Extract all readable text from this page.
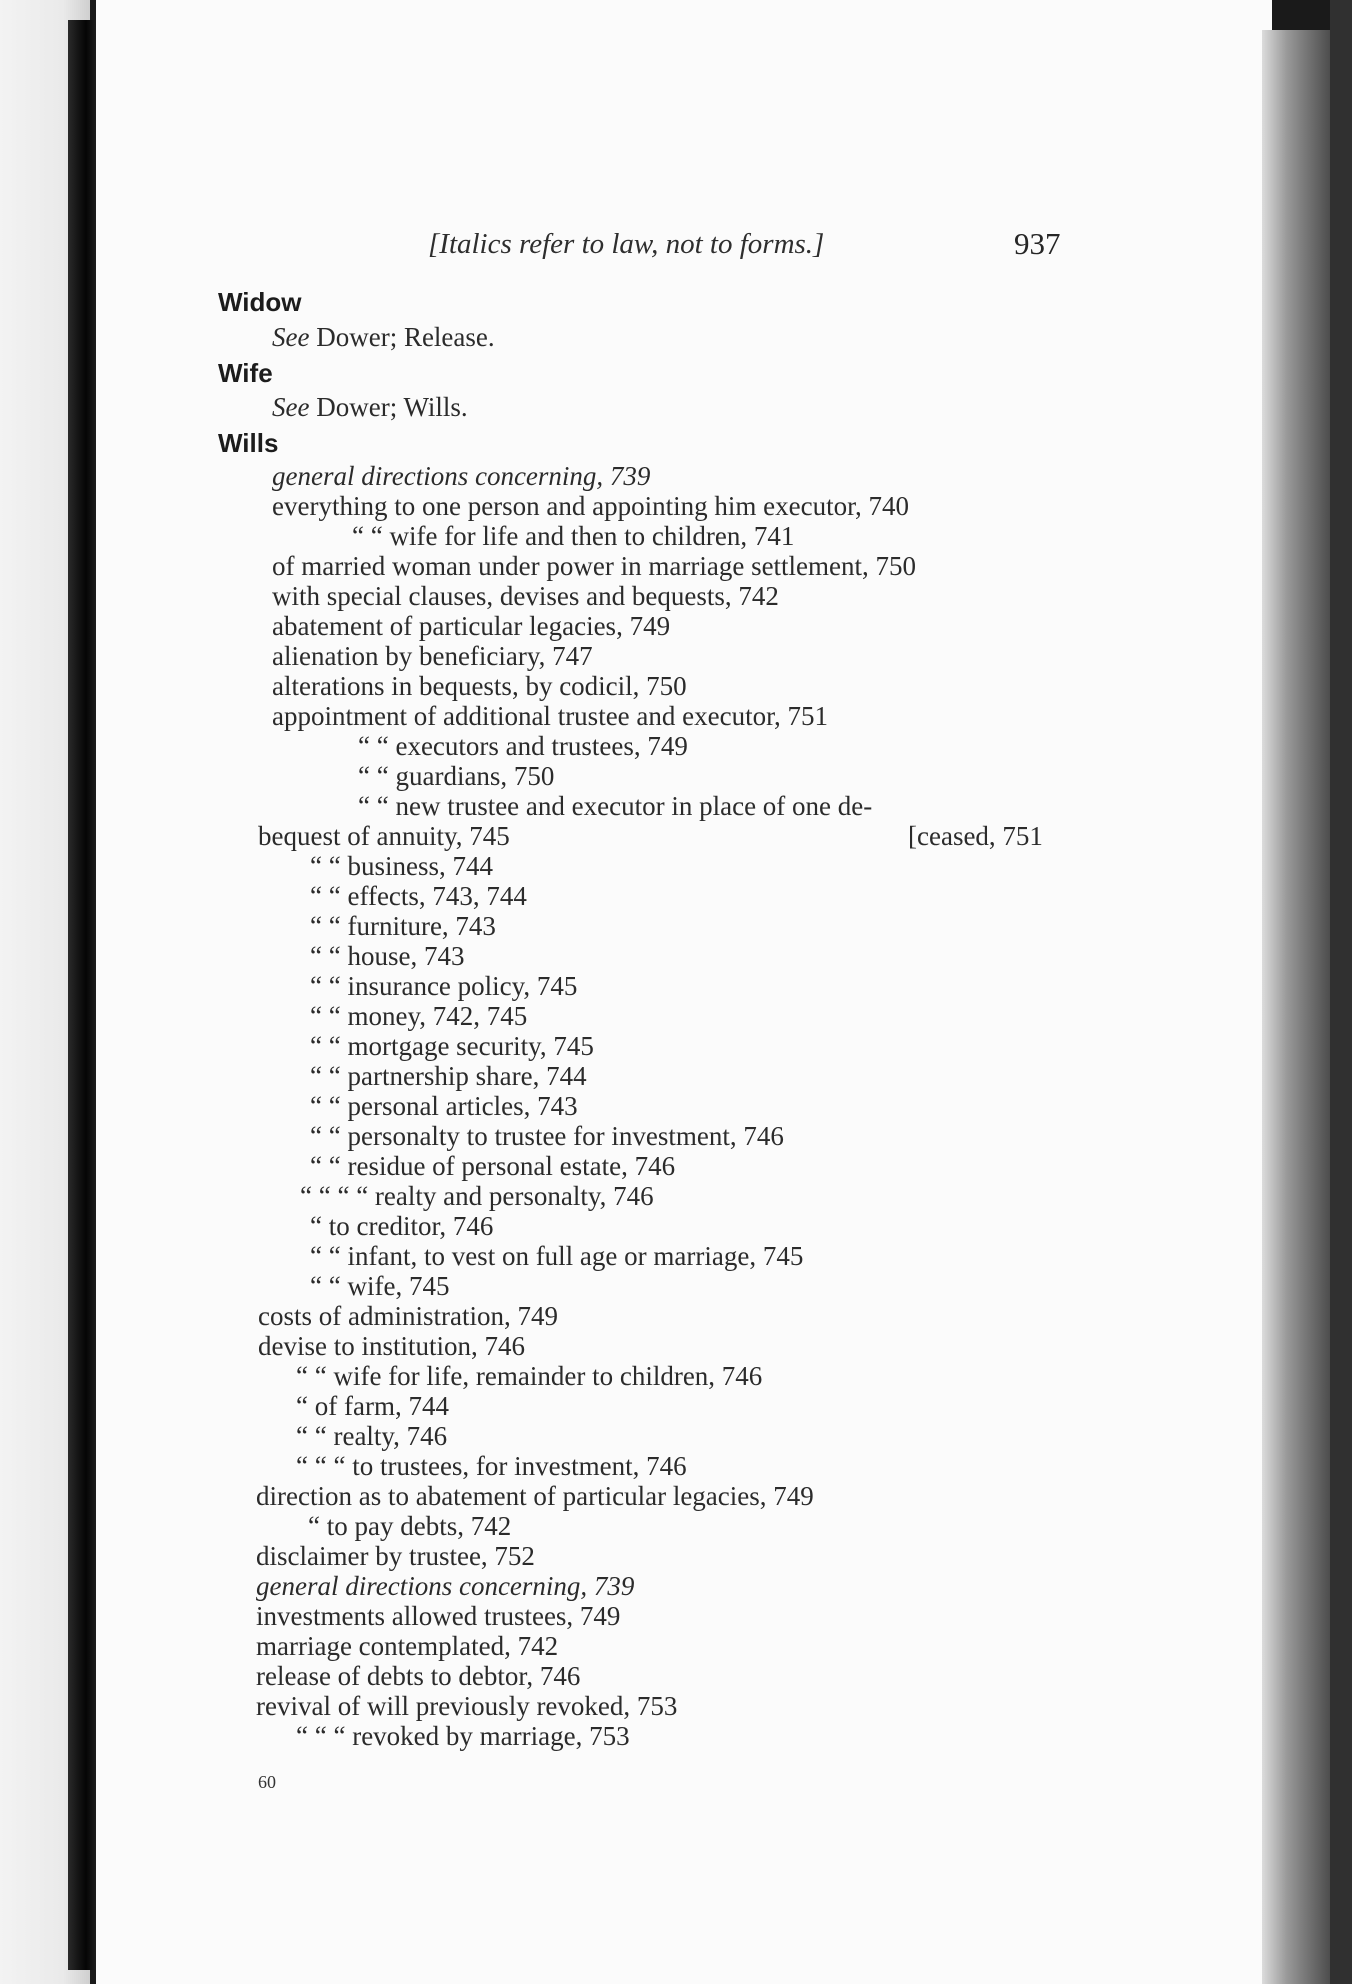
[Italics refer to law, not to forms.]	937
Widow
See Dower; Release.
Wife
See Dower; Wills.
Wills
general directions concerning, 739
everything to one person and appointing him executor, 740
“ “ wife for life and then to children, 741
of married woman under power in marriage settlement, 750
with special clauses, devises and bequests, 742
abatement of particular legacies, 749
alienation by beneficiary, 747
alterations in bequests, by codicil, 750
appointment of additional trustee and executor, 751
“ “ executors and trustees, 749
“ “ guardians, 750
“ “ new trustee and executor in place of one de-
bequest of annuity, 745	[ceased, 751
“ “ business, 744
“ “ effects, 743, 744
“ “ furniture, 743
“ “ house, 743
“ “ insurance policy, 745
“ “ money, 742, 745
“ “ mortgage security, 745
“ “ partnership share, 744
“ “ personal articles, 743
“ “ personalty to trustee for investment, 746
“ “ residue of personal estate, 746
“ “ “ “ realty and personalty, 746
“ to creditor, 746
“ “ infant, to vest on full age or marriage, 745
“ “ wife, 745
costs of administration, 749
devise to institution, 746
“ “ wife for life, remainder to children, 746
“ of farm, 744
“ “ realty, 746
“ “ “ to trustees, for investment, 746
direction as to abatement of particular legacies, 749
“ to pay debts, 742
disclaimer by trustee, 752
general directions concerning, 739
investments allowed trustees, 749
marriage contemplated, 742
release of debts to debtor, 746
revival of will previously revoked, 753
“ “ “ revoked by marriage, 753
60
